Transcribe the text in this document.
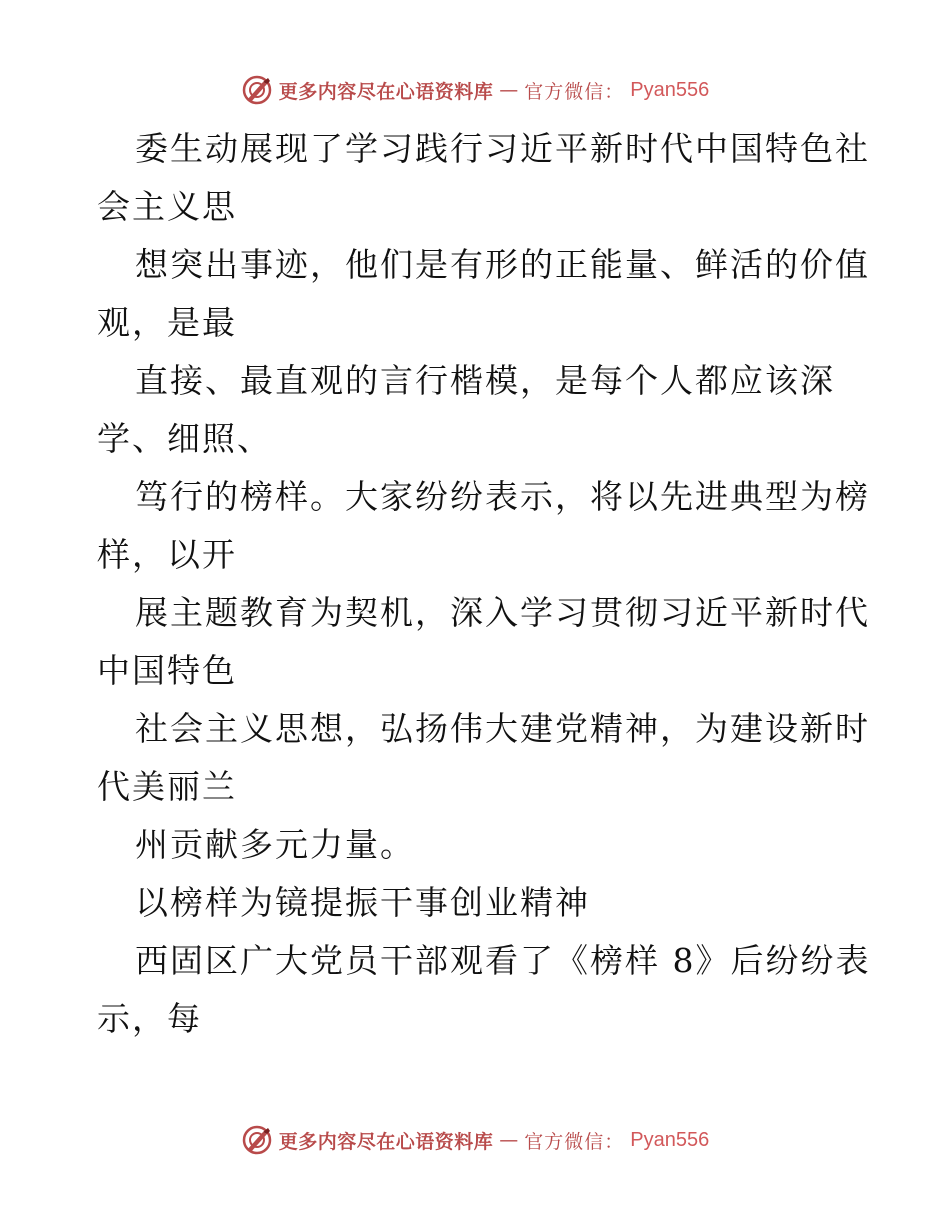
更多内容尽在心语资料库 — 官方微信： Pyan556
委生动展现了学习践行习近平新时代中国特色社
会主义思
想突出事迹，他们是有形的正能量、鲜活的价值
观，是最
直接、最直观的言行楷模，是每个人都应该深
学、细照、
笃行的榜样。大家纷纷表示，将以先进典型为榜
样，以开
展主题教育为契机，深入学习贯彻习近平新时代
中国特色
社会主义思想，弘扬伟大建党精神，为建设新时
代美丽兰
州贡献多元力量。
以榜样为镜提振干事创业精神
西固区广大党员干部观看了《榜样 8》后纷纷表
示，每
更多内容尽在心语资料库 — 官方微信： Pyan556
